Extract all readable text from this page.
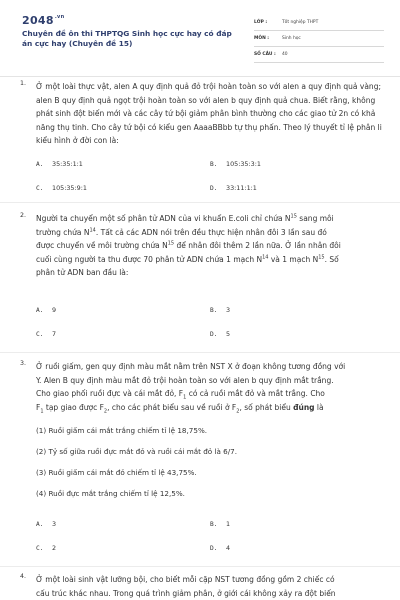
$2048^{.vn}$
Chuyên đề ôn thi THPTQG Sinh học cực hay có đáp án cực hay (Chuyên đề 15)
LỚP :	Tốt nghiệp THPT
MÔN :	Sinh học
SỐ CÂU :	40
1. Ở một loài thực vật, alen A quy định quả đỏ trội hoàn toàn so với alen a quy định quả vàng; alen B quy định quả ngọt trội hoàn toàn so với alen b quy định quả chua. Biết rằng, không phát sinh đột biến mới và các cây tứ bội giảm phân bình thường cho các giao tử 2n có khả năng thụ tinh. Cho cây tứ bội có kiểu gen AaaaBBbb tự thụ phấn. Theo lý thuyết tỉ lệ phân li kiểu hình ở đời con là:
A. 35:35:1:1	B. 105:35:3:1
C. 105:35:9:1	D. 33:11:1:1
2. Người ta chuyển một số phân tử ADN của vi khuẩn E.coli chỉ chứa $N^{15}$ sang môi
trường chứa $N^{14}$. Tất cả các ADN nói trên đều thực hiện nhân đôi 3 lần sau đó
được chuyển về môi trường chứa $N^{15}$ để nhân đôi thêm 2 lần nữa. Ở lần nhân đôi
cuối cùng người ta thu được 70 phân tử ADN chứa 1 mạch $N^{14}$ và 1 mạch $N^{15}$. Số
phân tử ADN ban đầu là:
A. 9	B. 3
C. 7	D. 5
3. Ở ruồi giấm, gen quy định màu mắt nằm trên NST X ở đoạn không tương đồng với
Y. Alen B quy định màu mắt đỏ trội hoàn toàn so với alen b quy định mắt trắng.
Cho giao phối ruồi đực và cái mắt đỏ, $F_1$ có cả ruồi mắt đỏ và mắt trắng. Cho
$F_1$ tạp giao được $F_2$, cho các phát biểu sau về ruồi ở $F_2$, số phát biểu đúng là
(1) Ruồi giấm cái mắt trắng chiếm tỉ lệ 18,75%.
(2) Tỷ số giữa ruồi đực mắt đỏ và ruồi cái mắt đỏ là 6/7.
(3) Ruồi giấm cái mắt đỏ chiếm tỉ lệ 43,75%.
(4) Ruồi đực mắt trắng chiếm tỉ lệ 12,5%.
A. 3	B. 1
C. 2	D. 4
4. Ở một loài sinh vật lưỡng bội, cho biết mỗi cặp NST tương đồng gồm 2 chiếc có
cấu trúc khác nhau. Trong quá trình giảm phân, ở giới cái không xảy ra đột biến
